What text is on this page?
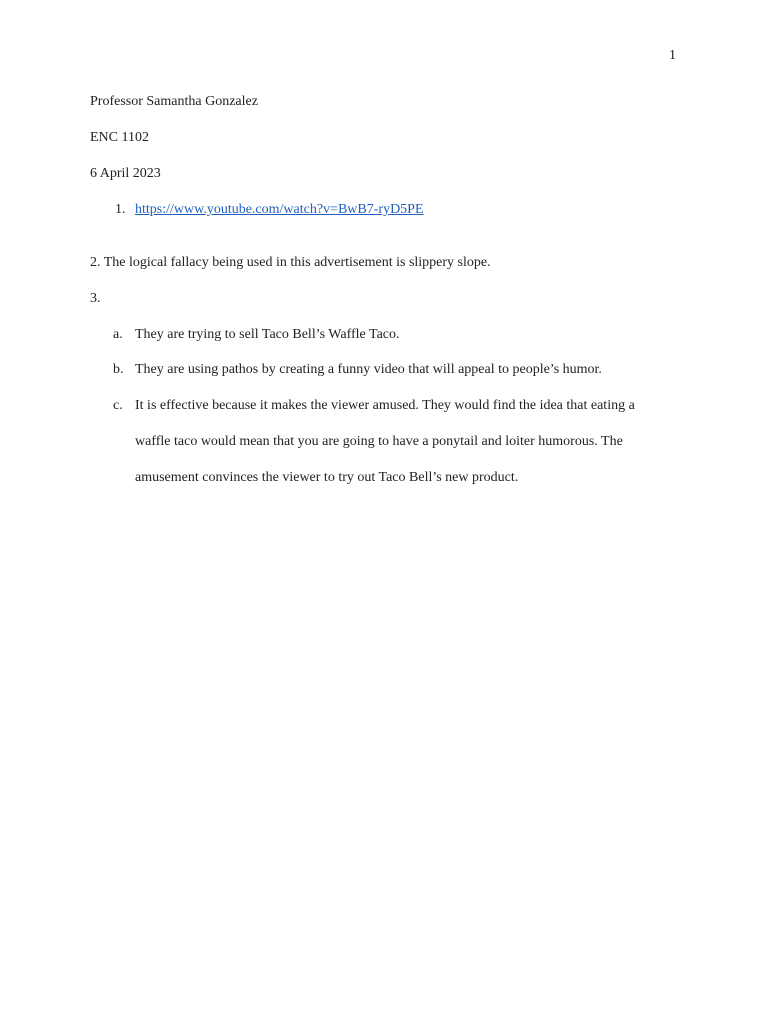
1
Professor Samantha Gonzalez
ENC 1102
6 April 2023
1. https://www.youtube.com/watch?v=BwB7-ryD5PE
2. The logical fallacy being used in this advertisement is slippery slope.
3.
a. They are trying to sell Taco Bell’s Waffle Taco.
b. They are using pathos by creating a funny video that will appeal to people’s humor.
c. It is effective because it makes the viewer amused. They would find the idea that eating a
waffle taco would mean that you are going to have a ponytail and loiter humorous. The
amusement convinces the viewer to try out Taco Bell’s new product.
